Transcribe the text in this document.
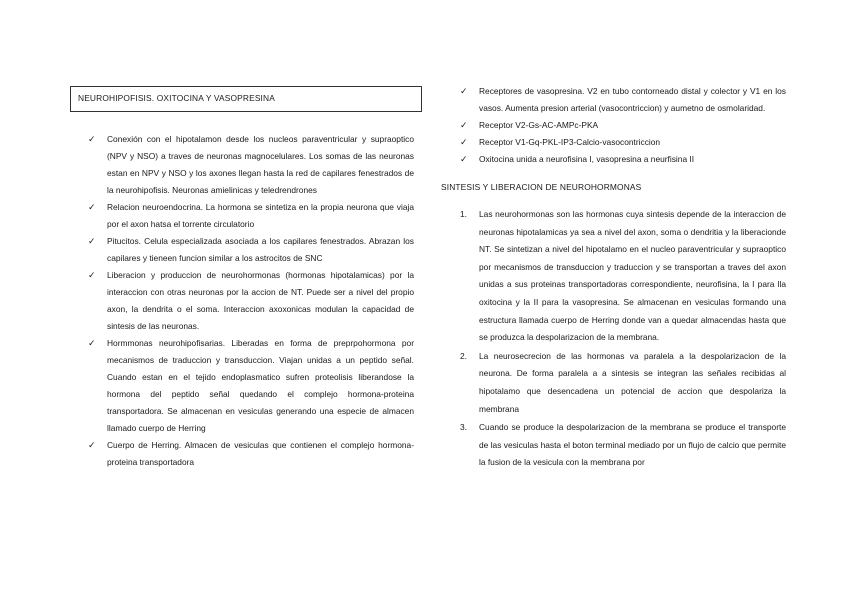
NEUROHIPOFISIS. OXITOCINA Y VASOPRESINA
✓ Conexión con el hipotalamon desde los nucleos paraventricular y supraoptico (NPV y NSO) a traves de neuronas magnocelulares. Los somas de las neuronas estan en NPV y NSO y los axones llegan hasta la red de capilares fenestrados de la neurohipofisis. Neuronas amielinicas y teledrendrones
✓ Relacion neuroendocrina. La hormona se sintetiza en la propia neurona que viaja por el axon hatsa el torrente circulatorio
✓ Pitucitos. Celula especializada asociada a los capilares fenestrados. Abrazan los capilares y tieneen funcion similar a los astrocitos de SNC
✓ Liberacion y produccion de neurohormonas (hormonas hipotalamicas) por la interaccion con otras neuronas por la accion de NT. Puede ser a nivel del propio axon, la dendrita o el soma. Interaccion axoxonicas modulan la capacidad de sintesis de las neuronas.
✓ Hormmonas neurohipofisarias. Liberadas en forma de preprpohormona por mecanismos de traduccion y transduccion. Viajan unidas a un peptido señal. Cuando estan en el tejido endoplasmatico sufren proteolisis liberandose la hormona del peptido señal quedando el complejo hormona-proteina transportadora. Se almacenan en vesiculas generando una especie de almacen llamado cuerpo de Herring
✓ Cuerpo de Herring. Almacen de vesiculas que contienen el complejo hormona-proteina transportadora
✓ Receptores de vasopresina. V2 en tubo contorneado distal y colector y V1 en los vasos. Aumenta presion arterial (vasocontriccion) y aumetno de osmolaridad.
✓ Receptor V2-Gs-AC-AMPc-PKA
✓ Receptor V1-Gq-PKL-IP3-Calcio-vasocontriccion
✓ Oxitocina unida a neurofisina I, vasopresina a neurfisina II
SINTESIS Y LIBERACION DE NEUROHORMONAS
1. Las neurohormonas son las hormonas cuya sintesis depende de la interaccion de neuronas hipotalamicas ya sea a nivel del axon, soma o dendritia y la liberacionde NT. Se sintetizan a nivel del hipotalamo en el nucleo paraventricular y supraoptico por mecanismos de transduccion y traduccion y se transportan a traves del axon unidas a sus proteinas transportadoras correspondiente, neurofisina, la I para lla oxitocina y la II para la vasopresina. Se almacenan en vesiculas formando una estructura llamada cuerpo de Herring donde van a quedar almacendas hasta que se produzca la despolarizacion de la membrana.
2. La neurosecrecion de las hormonas va paralela a la despolarizacion de la neurona. De forma paralela a a sintesis se integran las señales recibidas al hipotalamo que desencadena un potencial de accion que despolariza la membrana
3. Cuando se produce la despolarizacion de la membrana se produce el transporte de las vesiculas hasta el boton terminal mediado por un flujo de calcio que permite la fusion de la vesicula con la membrana por
